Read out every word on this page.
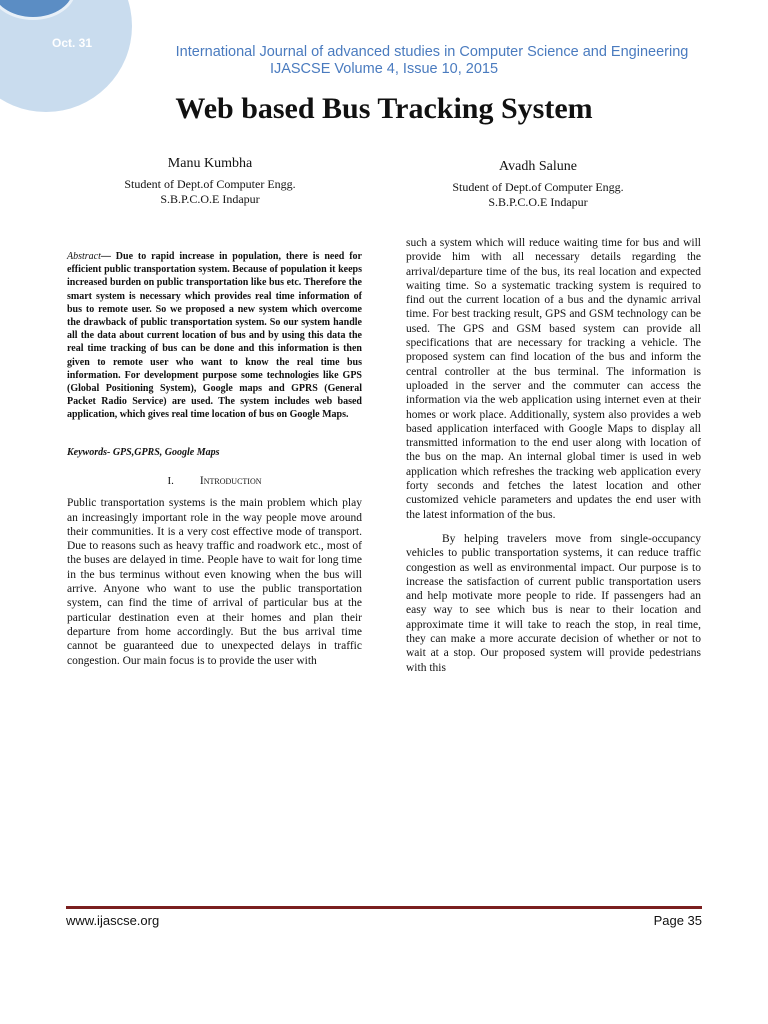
Oct. 31
International Journal of advanced studies in Computer Science and Engineering
IJASCSE Volume 4, Issue 10, 2015
Web based Bus Tracking System
Manu Kumbha
Student of Dept.of Computer Engg.
S.B.P.C.O.E Indapur
Avadh Salune
Student of Dept.of Computer Engg.
S.B.P.C.O.E Indapur

Abstract— Due to rapid increase in population, there is need for efficient public transportation system. Because of population it keeps increased burden on public transportation like bus etc. Therefore the smart system is necessary which provides real time information of bus to remote user. So we proposed a new system which overcome the drawback of public transportation system. So our system handle all the data about current location of bus and by using this data the real time tracking of bus can be done and this information is then given to remote user who want to know the real time bus information. For development purpose some technologies like GPS (Global Positioning System), Google maps and GPRS (General Packet Radio Service) are used. The system includes web based application, which gives real time location of bus on Google Maps.

Keywords- GPS,GPRS, Google Maps

I. Introduction

Public transportation systems is the main problem which play an increasingly important role in the way people move around their communities. It is a very cost effective mode of transport. Due to reasons such as heavy traffic and roadwork etc., most of the buses are delayed in time. People have to wait for long time in the bus terminus without even knowing when the bus will arrive. Anyone who want to use the public transportation system, can find the time of arrival of particular bus at the particular destination even at their homes and plan their departure from home accordingly. But the bus arrival time cannot be guaranteed due to unexpected delays in traffic congestion. Our main focus is to provide the user with

such a system which will reduce waiting time for bus and will provide him with all necessary details regarding the arrival/departure time of the bus, its real location and expected waiting time. So a systematic tracking system is required to find out the current location of a bus and the dynamic arrival time. For best tracking result, GPS and GSM technology can be used. The GPS and GSM based system can provide all specifications that are necessary for tracking a vehicle. The proposed system can find location of the bus and inform the central controller at the bus terminal. The information is uploaded in the server and the commuter can access the information via the web application using internet even at their homes or work place. Additionally, system also provides a web based application interfaced with Google Maps to display all transmitted information to the end user along with location of the bus on the map. An internal global timer is used in web application which refreshes the tracking web application every forty seconds and fetches the latest location and other customized vehicle parameters and updates the end user with the latest information of the bus.

By helping travelers move from single-occupancy vehicles to public transportation systems, it can reduce traffic congestion as well as environmental impact. Our purpose is to increase the satisfaction of current public transportation users and help motivate more people to ride. If passengers had an easy way to see which bus is near to their location and approximate time it will take to reach the stop, in real time, they can make a more accurate decision of whether or not to wait at a stop. Our proposed system will provide pedestrians with this

www.ijascse.org	Page 35
